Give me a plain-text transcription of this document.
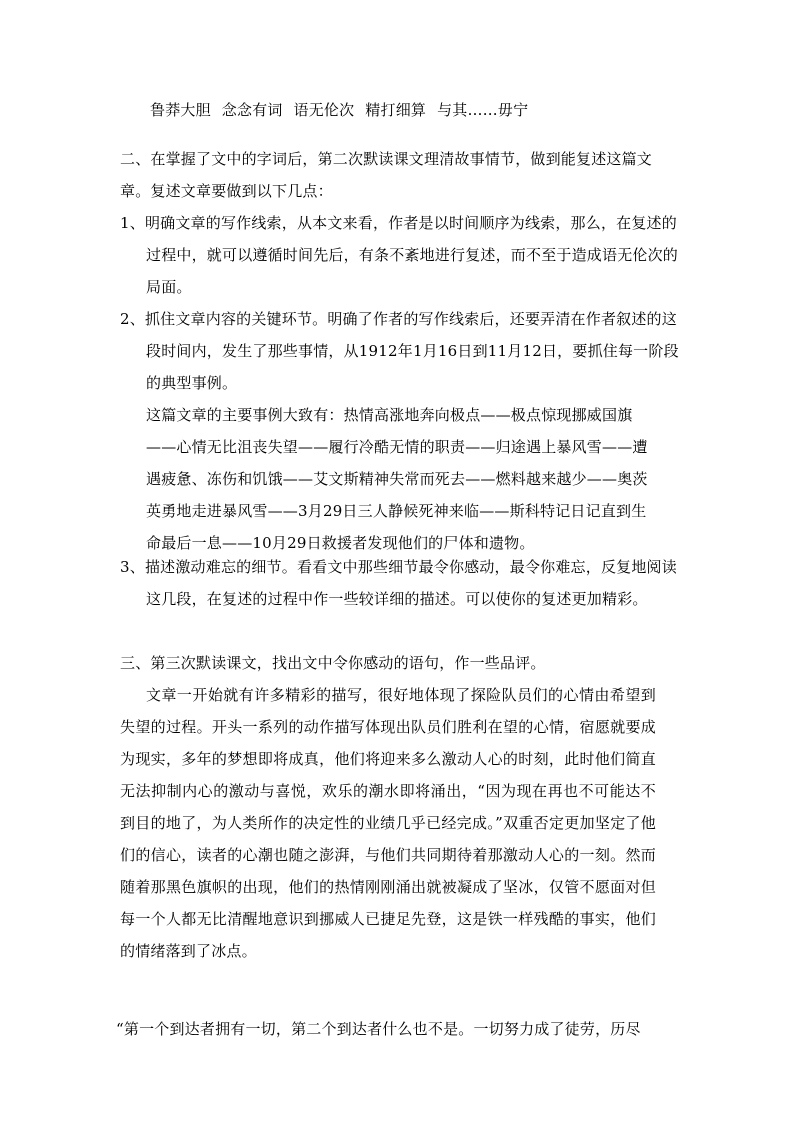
鲁莽大胆 念念有词 语无伦次 精打细算 与其……毋宁
二、在掌握了文中的字词后，第二次默读课文理清故事情节，做到能复述这篇文章。复述文章要做到以下几点：
1、明确文章的写作线索，从本文来看，作者是以时间顺序为线索，那么，在复述的过程中，就可以遵循时间先后，有条不紊地进行复述，而不至于造成语无伦次的局面。
2、抓住文章内容的关键环节。明确了作者的写作线索后，还要弄清在作者叙述的这段时间内，发生了那些事情，从1912年1月16日到11月12日，要抓住每一阶段的典型事例。
这篇文章的主要事例大致有：热情高涨地奔向极点——极点惊现挪威国旗——心情无比沮丧失望——履行冷酷无情的职责——归途遇上暴风雪——遭遇疲惫、冻伤和饥饿——艾文斯精神失常而死去——燃料越来越少——奥茨英勇地走进暴风雪——3月29日三人静候死神来临——斯科特记日记直到生命最后一息——10月29日救援者发现他们的尸体和遗物。
3、描述激动难忘的细节。看看文中那些细节最令你感动，最令你难忘，反复地阅读这几段，在复述的过程中作一些较详细的描述。可以使你的复述更加精彩。
三、第三次默读课文，找出文中令你感动的语句，作一些品评。
文章一开始就有许多精彩的描写，很好地体现了探险队员们的心情由希望到失望的过程。开头一系列的动作描写体现出队员们胜利在望的心情，宿愿就要成为现实，多年的梦想即将成真，他们将迎来多么激动人心的时刻，此时他们简直无法抑制内心的激动与喜悦，欢乐的潮水即将涌出，“因为现在再也不可能达不到目的地了，为人类所作的决定性的业绩几乎已经完成。”双重否定更加坚定了他们的信心，读者的心潮也随之澎湃，与他们共同期待着那激动人心的一刻。然而随着那黑色旗帜的出现，他们的热情刚刚涌出就被凝成了坚冰，仅管不愿面对但每一个人都无比清醒地意识到挪威人已捷足先登，这是铁一样残酷的事实，他们的情绪落到了冰点。
“第一个到达者拥有一切，第二个到达者什么也不是。一切努力成了徒劳，历尽
